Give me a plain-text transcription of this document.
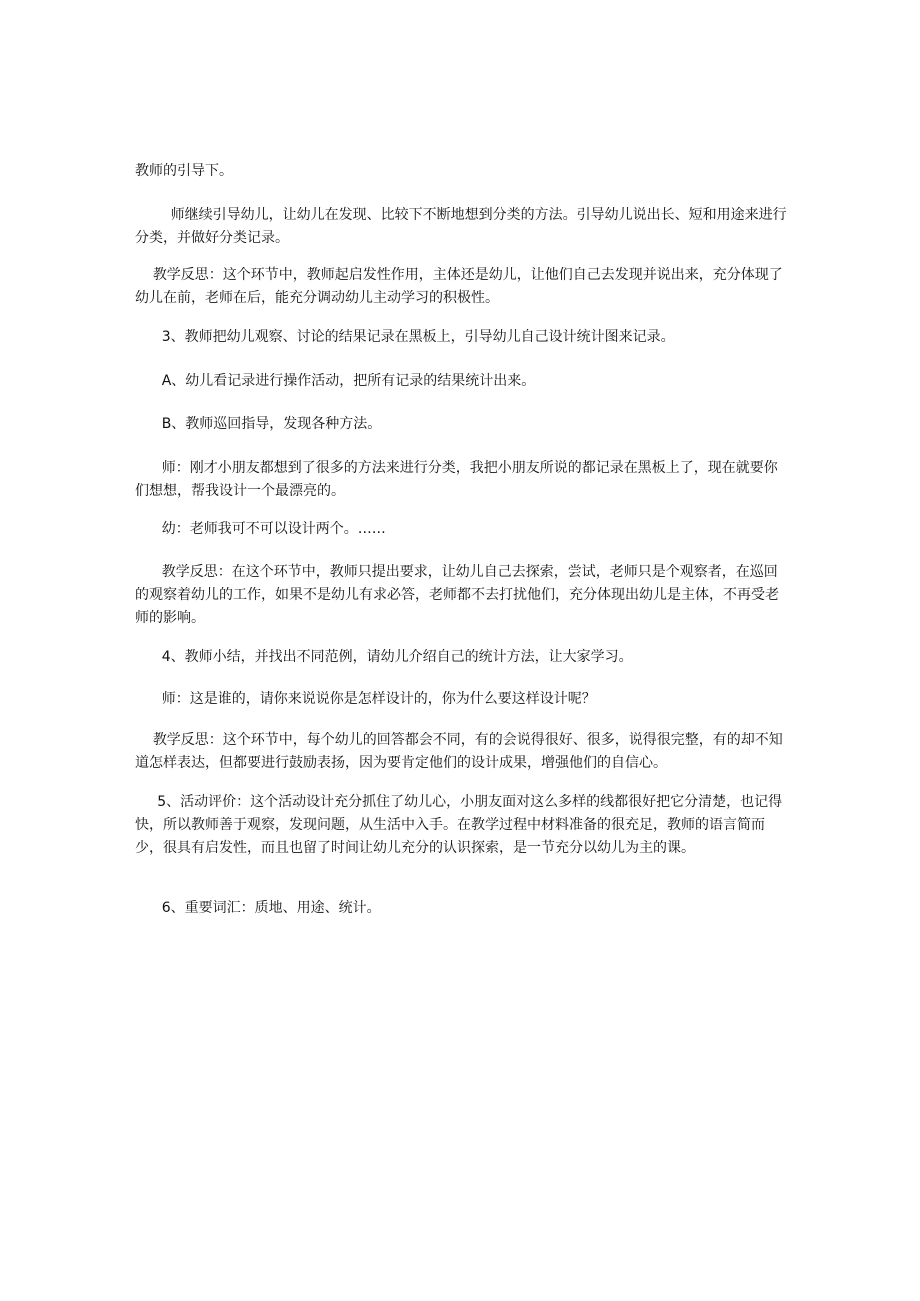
教师的引导下。

师继续引导幼儿，让幼儿在发现、比较下不断地想到分类的方法。引导幼儿说出长、短和用途来进行分类，并做好分类记录。

教学反思：这个环节中，教师起启发性作用，主体还是幼儿，让他们自己去发现并说出来，充分体现了幼儿在前，老师在后，能充分调动幼儿主动学习的积极性。

3、教师把幼儿观察、讨论的结果记录在黑板上，引导幼儿自己设计统计图来记录。

A、幼儿看记录进行操作活动，把所有记录的结果统计出来。

B、教师巡回指导，发现各种方法。

师：刚才小朋友都想到了很多的方法来进行分类，我把小朋友所说的都记录在黑板上了，现在就要你们想想，帮我设计一个最漂亮的。

幼：老师我可不可以设计两个。……

教学反思：在这个环节中，教师只提出要求，让幼儿自己去探索，尝试，老师只是个观察者，在巡回的观察着幼儿的工作，如果不是幼儿有求必答，老师都不去打扰他们，充分体现出幼儿是主体，不再受老师的影响。

4、教师小结，并找出不同范例，请幼儿介绍自己的统计方法，让大家学习。

师：这是谁的，请你来说说你是怎样设计的，你为什么要这样设计呢？

教学反思：这个环节中，每个幼儿的回答都会不同，有的会说得很好、很多，说得很完整，有的却不知道怎样表达，但都要进行鼓励表扬，因为要肯定他们的设计成果，增强他们的自信心。

5、活动评价：这个活动设计充分抓住了幼儿心，小朋友面对这么多样的线都很好把它分清楚，也记得快，所以教师善于观察，发现问题，从生活中入手。在教学过程中材料准备的很充足，教师的语言简而少，很具有启发性，而且也留了时间让幼儿充分的认识探索，是一节充分以幼儿为主的课。

6、重要词汇：质地、用途、统计。
